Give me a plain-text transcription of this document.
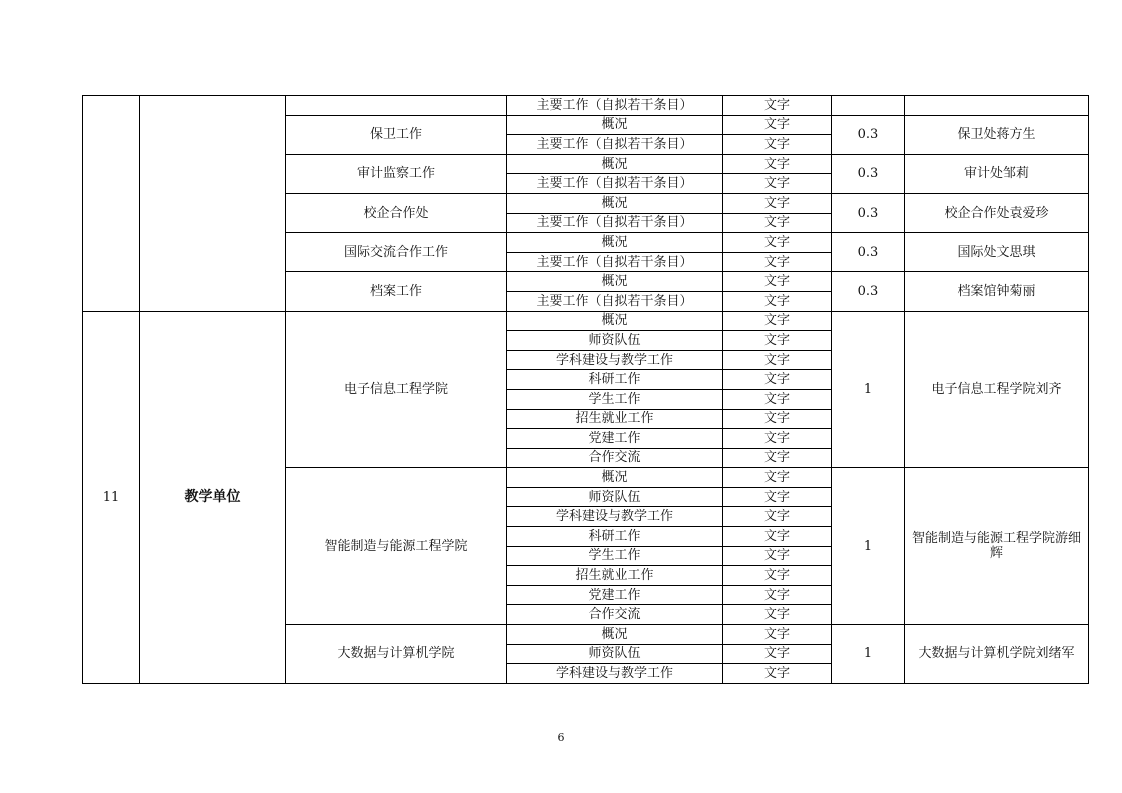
			主要工作（自拟若干条目）	文字		
		保卫工作	概况	文字	0.3	保卫处蒋方生
			主要工作（自拟若干条目）	文字		
		审计监察工作	概况	文字	0.3	审计处邹莉
			主要工作（自拟若干条目）	文字		
		校企合作处	概况	文字	0.3	校企合作处袁爱珍
			主要工作（自拟若干条目）	文字		
		国际交流合作工作	概况	文字	0.3	国际处文思琪
			主要工作（自拟若干条目）	文字		
		档案工作	概况	文字	0.3	档案馆钟菊丽
			主要工作（自拟若干条目）	文字		
11	教学单位	电子信息工程学院	概况	文字	1	电子信息工程学院刘齐
			师资队伍	文字		
			学科建设与教学工作	文字		
			科研工作	文字		
			学生工作	文字		
			招生就业工作	文字		
			党建工作	文字		
			合作交流	文字		
		智能制造与能源工程学院	概况	文字	1	智能制造与能源工程学院游细辉
			师资队伍	文字		
			学科建设与教学工作	文字		
			科研工作	文字		
			学生工作	文字		
			招生就业工作	文字		
			党建工作	文字		
			合作交流	文字		
		大数据与计算机学院	概况	文字	1	大数据与计算机学院刘绪军
			师资队伍	文字		
			学科建设与教学工作	文字		
6
